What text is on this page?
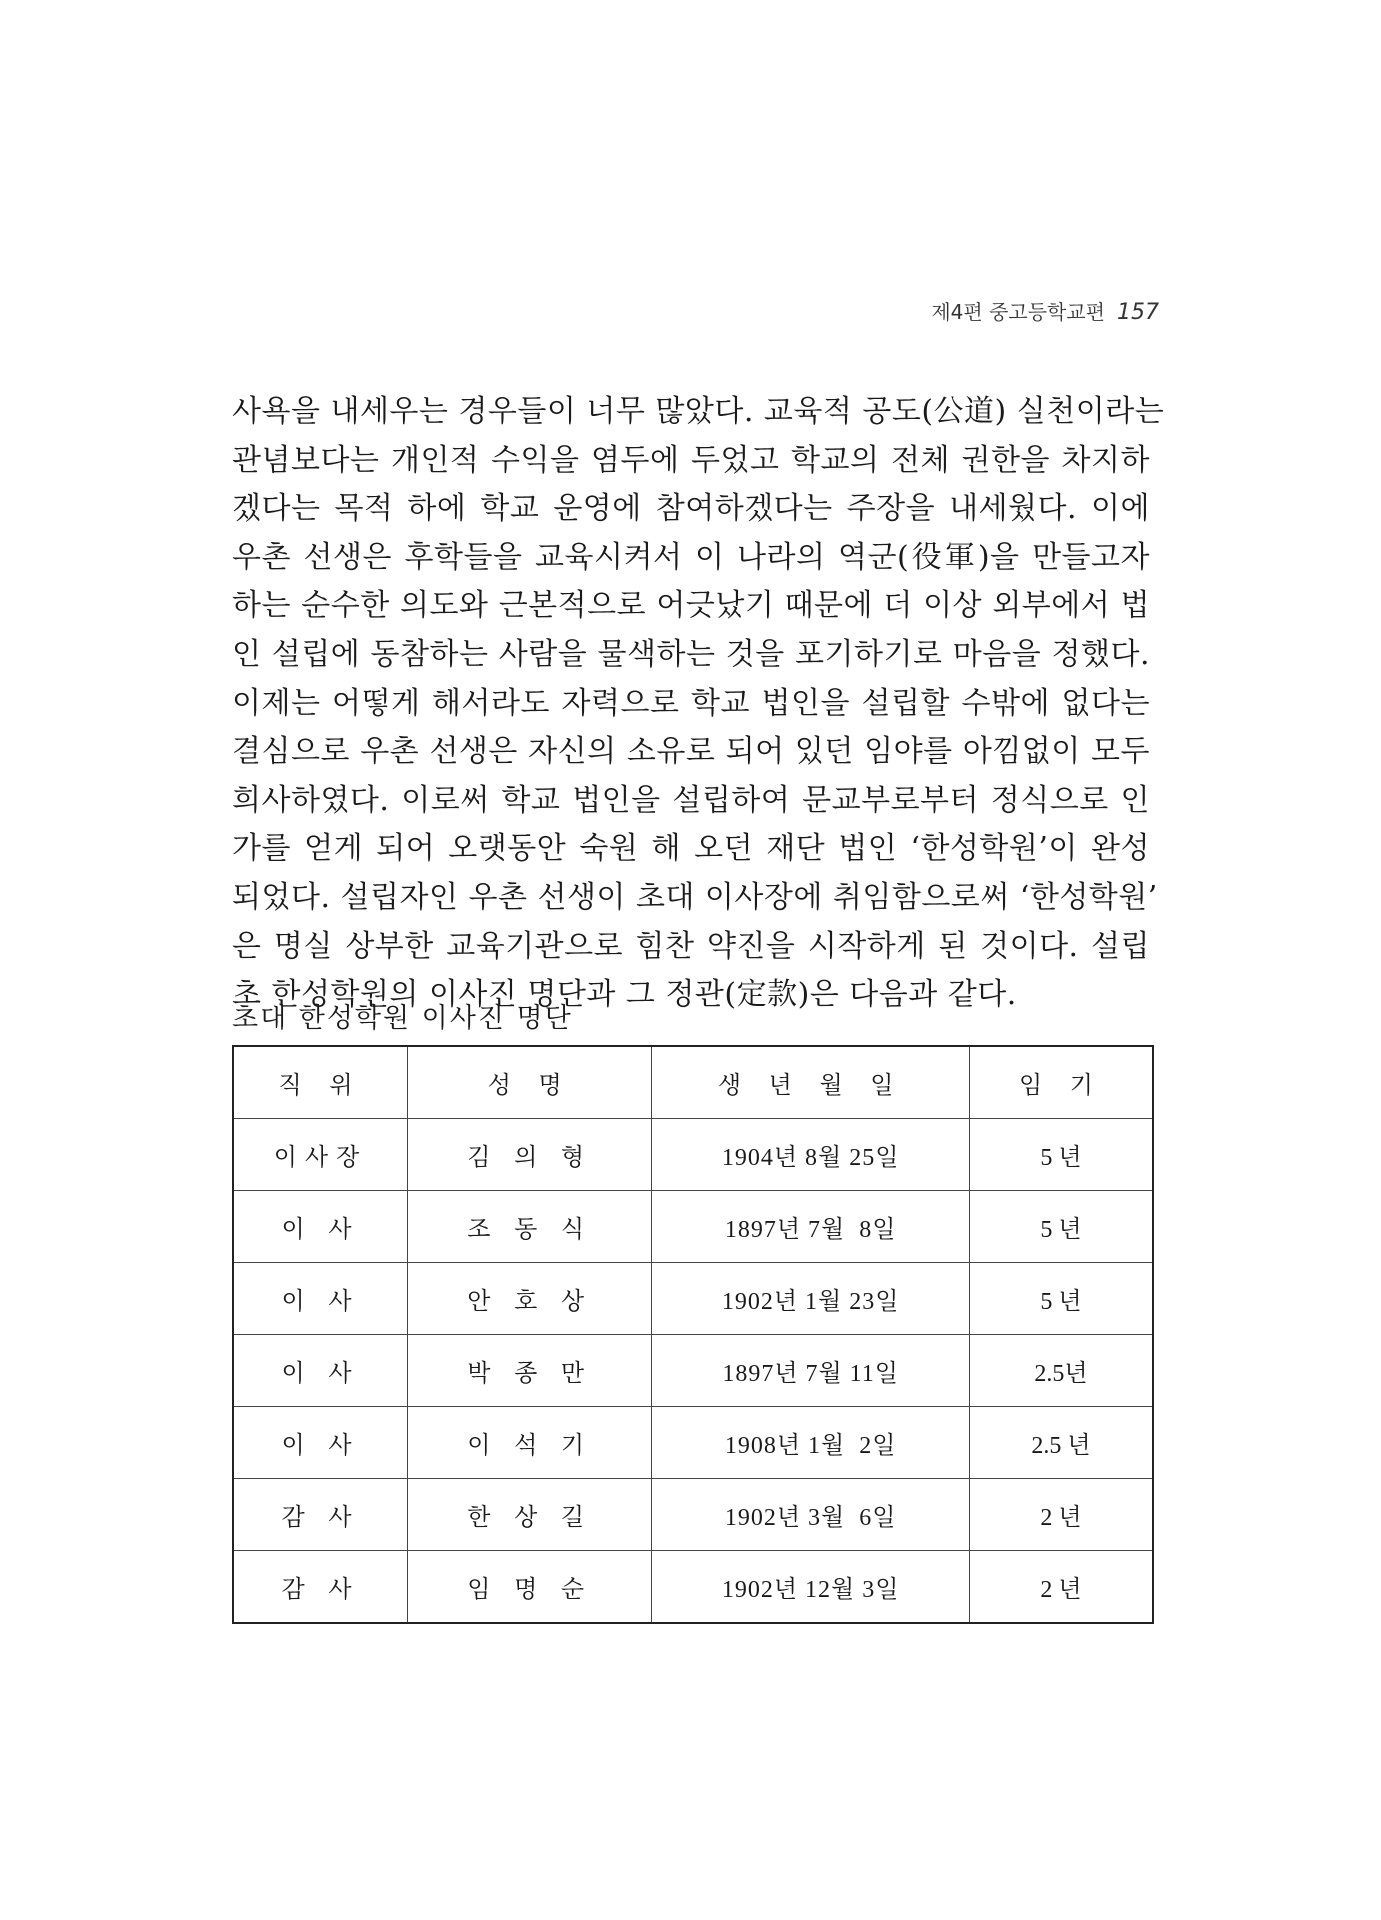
제4편 중고등학교편 157
사욕을 내세우는 경우들이 너무 많았다. 교육적 공도(公道) 실천이라는
관념보다는 개인적 수익을 염두에 두었고 학교의 전체 권한을 차지하
겠다는 목적 하에 학교 운영에 참여하겠다는 주장을 내세웠다. 이에
우촌 선생은 후학들을 교육시켜서 이 나라의 역군(役軍)을 만들고자
하는 순수한 의도와 근본적으로 어긋났기 때문에 더 이상 외부에서 법
인 설립에 동참하는 사람을 물색하는 것을 포기하기로 마음을 정했다.
이제는 어떻게 해서라도 자력으로 학교 법인을 설립할 수밖에 없다는
결심으로 우촌 선생은 자신의 소유로 되어 있던 임야를 아낌없이 모두
희사하였다. 이로써 학교 법인을 설립하여 문교부로부터 정식으로 인
가를 얻게 되어 오랫동안 숙원 해 오던 재단 법인 ‘한성학원’이 완성
되었다. 설립자인 우촌 선생이 초대 이사장에 취임함으로써 ‘한성학원’
은 명실 상부한 교육기관으로 힘찬 약진을 시작하게 된 것이다. 설립
초 한성학원의 이사진 명단과 그 정관(定款)은 다음과 같다.
초대 한성학원 이사진 명단
직 위	성 명	생 년 월 일	임 기
이사장	김 의 형	1904년 8월 25일	5 년
이 사	조 동 식	1897년 7월  8일	5 년
이 사	안 호 상	1902년 1월 23일	5 년
이 사	박 종 만	1897년 7월 11일	2.5년
이 사	이 석 기	1908년 1월  2일	2.5 년
감 사	한 상 길	1902년 3월  6일	2 년
감 사	임 명 순	1902년 12월 3일	2 년
